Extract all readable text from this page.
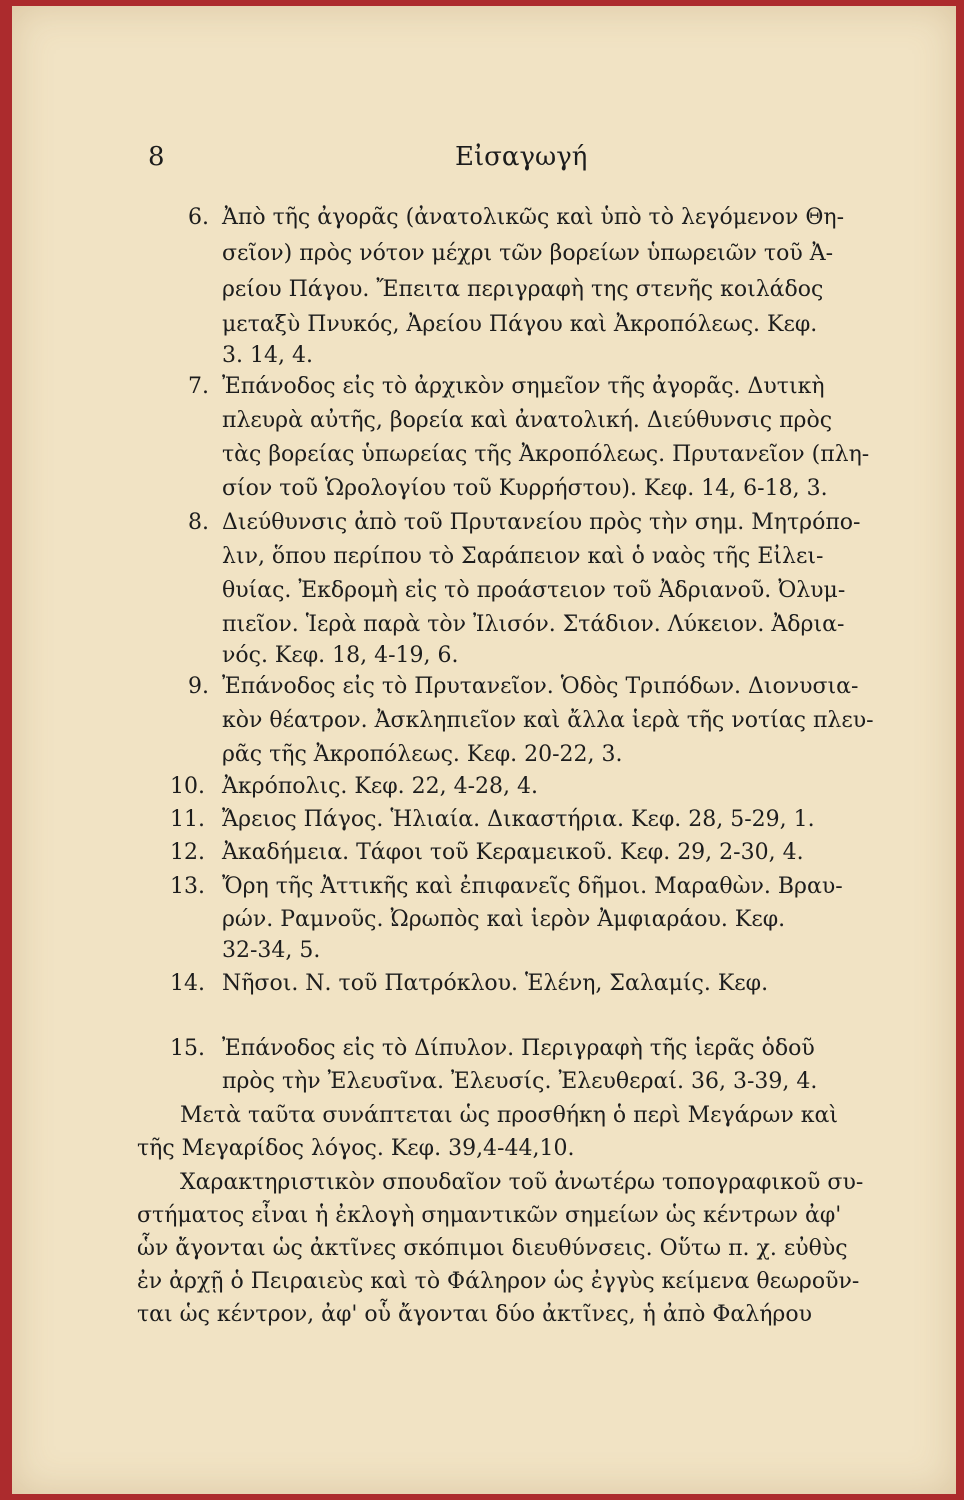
8	Εἰσαγωγή
6. Ἀπὸ τῆς ἀγορᾶς (ἀνατολικῶς καὶ ὑπὸ τὸ λεγόμενον Θη-
σεῖον) πρὸς νότον μέχρι τῶν βορείων ὑπωρειῶν τοῦ Ἀ-
ρείου Πάγου. Ἔπειτα περιγραφὴ της στενῆς κοιλάδος
μεταξὺ Πνυκός, Ἀρείου Πάγου καὶ Ἀκροπόλεως. Κεφ.
3. 14, 4.
7. Ἐπάνοδος εἰς τὸ ἀρχικὸν σημεῖον τῆς ἀγορᾶς. Δυτικὴ
πλευρὰ αὐτῆς, βορεία καὶ ἀνατολική. Διεύθυνσις πρὸς
τὰς βορείας ὑπωρείας τῆς Ἀκροπόλεως. Πρυτανεῖον (πλη-
σίον τοῦ Ὡρολογίου τοῦ Κυρρήστου). Κεφ. 14, 6-18, 3.
8. Διεύθυνσις ἀπὸ τοῦ Πρυτανείου πρὸς τὴν σημ. Μητρόπο-
λιν, ὅπου περίπου τὸ Σαράπειον καὶ ὁ ναὸς τῆς Εἰλει-
θυίας. Ἐκδρομὴ εἰς τὸ προάστειον τοῦ Ἀδριανοῦ. Ὀλυμ-
πιεῖον. Ἱερὰ παρὰ τὸν Ἰλισόν. Στάδιον. Λύκειον. Ἀδρια-
νός. Κεφ. 18, 4-19, 6.
9. Ἐπάνοδος εἰς τὸ Πρυτανεῖον. Ὁδὸς Τριπόδων. Διονυσια-
κὸν θέατρον. Ἀσκληπιεῖον καὶ ἄλλα ἱερὰ τῆς νοτίας πλευ-
ρᾶς τῆς Ἀκροπόλεως. Κεφ. 20-22, 3.
10. Ἀκρόπολις. Κεφ. 22, 4-28, 4.
11. Ἄρειος Πάγος. Ἡλιαία. Δικαστήρια. Κεφ. 28, 5-29, 1.
12. Ἀκαδήμεια. Τάφοι τοῦ Κεραμεικοῦ. Κεφ. 29, 2-30, 4.
13. Ὄρη τῆς Ἀττικῆς καὶ ἐπιφανεῖς δῆμοι. Μαραθὼν. Βραυ-
ρών. Ραμνοῦς. Ὠρωπὸς καὶ ἱερὸν Ἀμφιαράου. Κεφ.
32-34, 5.
14. Νῆσοι. Ν. τοῦ Πατρόκλου. Ἑλένη, Σαλαμίς. Κεφ.
15. Ἐπάνοδος εἰς τὸ Δίπυλον. Περιγραφὴ τῆς ἱερᾶς ὁδοῦ
πρὸς τὴν Ἐλευσῖνα. Ἐλευσίς. Ἐλευθεραί. 36, 3-39, 4.
Μετὰ ταῦτα συνάπτεται ὡς προσθήκη ὁ περὶ Μεγάρων καὶ
τῆς Μεγαρίδος λόγος. Κεφ. 39,4-44,10.
Χαρακτηριστικὸν σπουδαῖον τοῦ ἀνωτέρω τοπογραφικοῦ συ-
στήματος εἶναι ἡ ἐκλογὴ σημαντικῶν σημείων ὡς κέντρων ἀφ'
ὧν ἄγονται ὡς ἀκτῖνες σκόπιμοι διευθύνσεις. Οὕτω π. χ. εὐθὺς
ἐν ἀρχῇ ὁ Πειραιεὺς καὶ τὸ Φάληρον ὡς ἐγγὺς κείμενα θεωροῦν-
ται ὡς κέντρον, ἀφ' οὗ ἄγονται δύο ἀκτῖνες, ἡ ἀπὸ Φαλήρου
